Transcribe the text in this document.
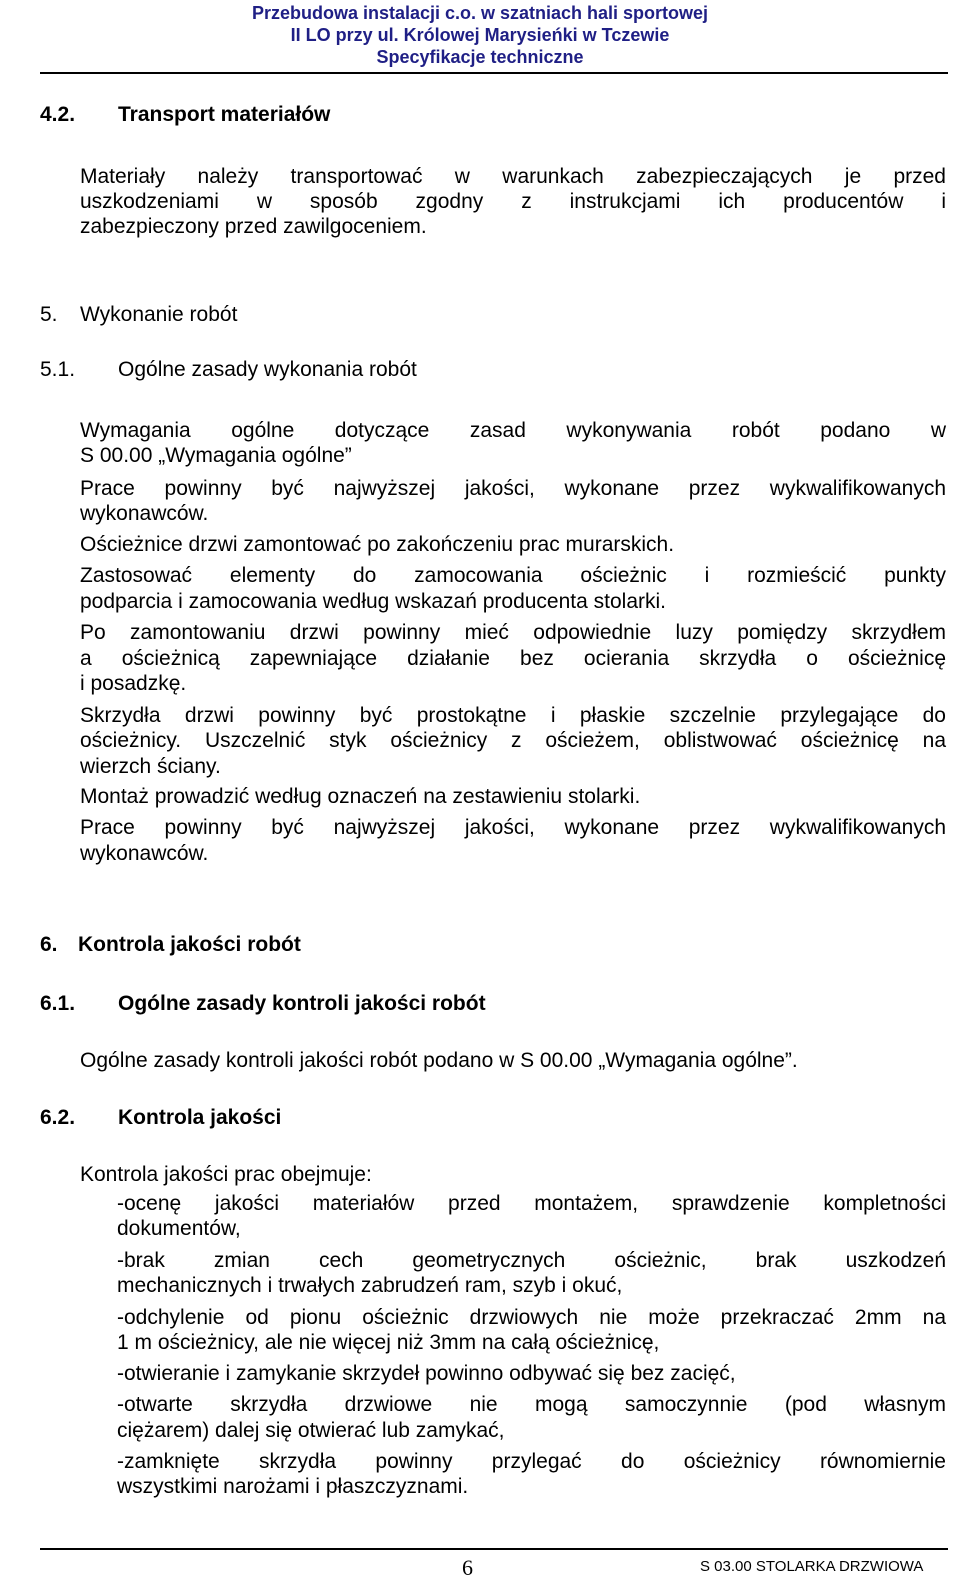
Przebudowa instalacji c.o. w szatniach hali sportowej
II LO przy ul. Królowej Marysieńki w Tczewie
Specyfikacje techniczne
4.2. Transport materiałów
Materiały należy transportować w warunkach zabezpieczających je przed
uszkodzeniami w sposób zgodny z instrukcjami ich producentów i
zabezpieczony przed zawilgoceniem.
5. Wykonanie robót
5.1. Ogólne zasady wykonania robót
Wymagania ogólne dotyczące zasad wykonywania robót podano w
S 00.00 „Wymagania ogólne”
Prace powinny być najwyższej jakości, wykonane przez wykwalifikowanych
wykonawców.
Ościeżnice drzwi zamontować po zakończeniu prac murarskich.
Zastosować elementy do zamocowania ościeżnic i rozmieścić punkty
podparcia i zamocowania według wskazań producenta stolarki.
Po zamontowaniu drzwi powinny mieć odpowiednie luzy pomiędzy skrzydłem
a ościeżnicą zapewniające działanie bez ocierania skrzydła o ościeżnicę
i posadzkę.
Skrzydła drzwi powinny być prostokątne i płaskie szczelnie przylegające do
ościeżnicy. Uszczelnić styk ościeżnicy z ościeżem, oblistwować ościeżnicę na
wierzch ściany.
Montaż prowadzić według oznaczeń na zestawieniu stolarki.
Prace powinny być najwyższej jakości, wykonane przez wykwalifikowanych
wykonawców.
6. Kontrola jakości robót
6.1. Ogólne zasady kontroli jakości robót
Ogólne zasady kontroli jakości robót podano w S 00.00 „Wymagania ogólne”.
6.2. Kontrola jakości
Kontrola jakości prac obejmuje:
-ocenę jakości materiałów przed montażem, sprawdzenie kompletności
dokumentów,
-brak zmian cech geometrycznych ościeżnic, brak uszkodzeń
mechanicznych i trwałych zabrudzeń ram, szyb i okuć,
-odchylenie od pionu ościeżnic drzwiowych nie może przekraczać 2mm na
1 m ościeżnicy, ale nie więcej niż 3mm na całą ościeżnicę,
-otwieranie i zamykanie skrzydeł powinno odbywać się bez zacięć,
-otwarte skrzydła drzwiowe nie mogą samoczynnie (pod własnym
ciężarem) dalej się otwierać lub zamykać,
-zamknięte skrzydła powinny przylegać do ościeżnicy równomiernie
wszystkimi narożami i płaszczyznami.
6	S 03.00 STOLARKA DRZWIOWA
